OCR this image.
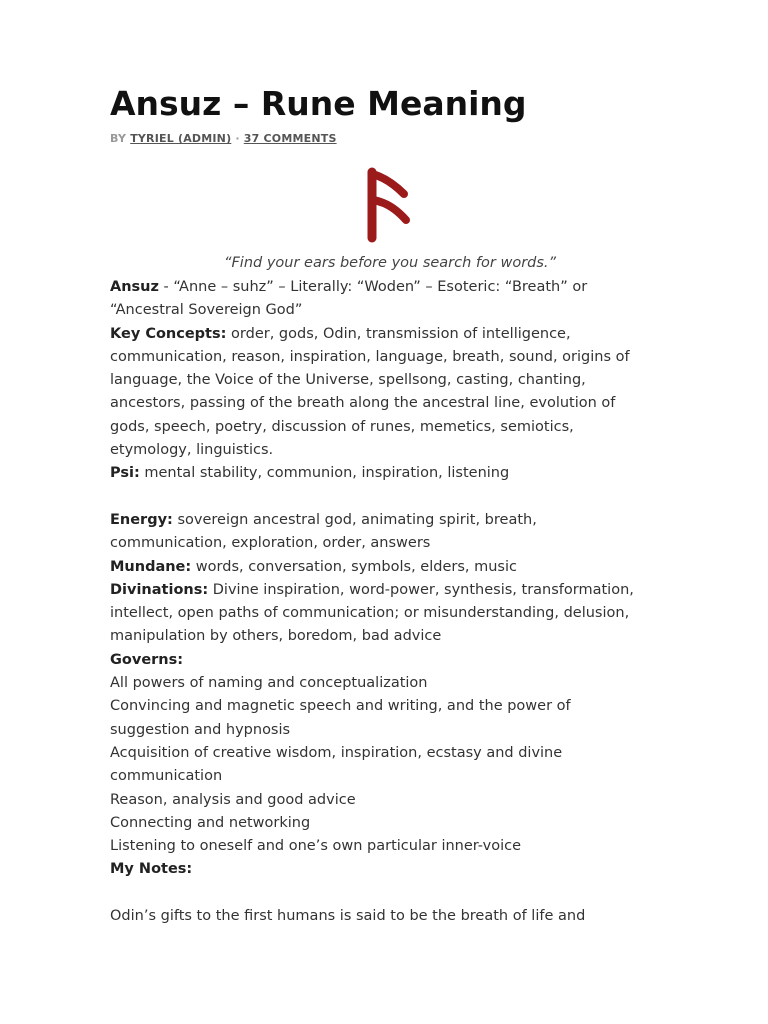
Ansuz – Rune Meaning
BY TYRIEL (ADMIN) · 37 COMMENTS
“Find your ears before you search for words.”
Ansuz - “Anne – suhz” – Literally: “Woden” – Esoteric: “Breath” or
“Ancestral Sovereign God”
Key Concepts: order, gods, Odin, transmission of intelligence,
communication, reason, inspiration, language, breath, sound, origins of
language, the Voice of the Universe, spellsong, casting, chanting,
ancestors, passing of the breath along the ancestral line, evolution of
gods, speech, poetry, discussion of runes, memetics, semiotics,
etymology, linguistics.
Psi: mental stability, communion, inspiration, listening
Energy: sovereign ancestral god, animating spirit, breath,
communication, exploration, order, answers
Mundane: words, conversation, symbols, elders, music
Divinations: Divine inspiration, word-power, synthesis, transformation,
intellect, open paths of communication; or misunderstanding, delusion,
manipulation by others, boredom, bad advice
Governs:
All powers of naming and conceptualization
Convincing and magnetic speech and writing, and the power of
suggestion and hypnosis
Acquisition of creative wisdom, inspiration, ecstasy and divine
communication
Reason, analysis and good advice
Connecting and networking
Listening to oneself and one’s own particular inner-voice
My Notes:
Odin’s gifts to the first humans is said to be the breath of life and
